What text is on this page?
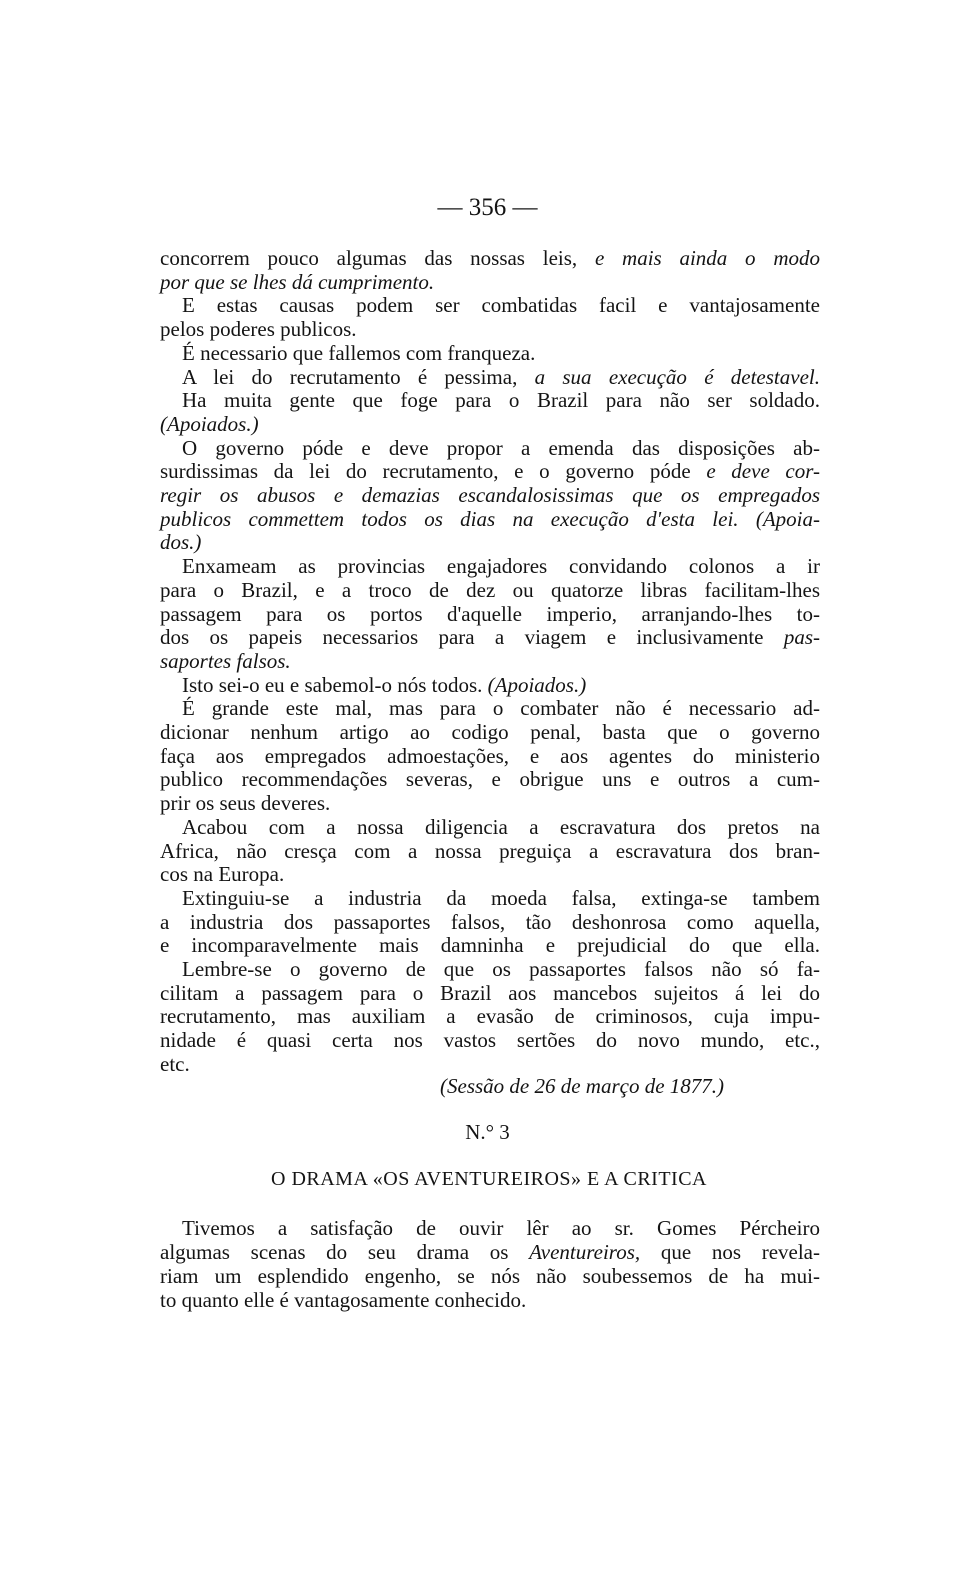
— 356 —
concorrem pouco algumas das nossas leis, e mais ainda o modo
por que se lhes dá cumprimento.
E estas causas podem ser combatidas facil e vantajosamente
pelos poderes publicos.
É necessario que fallemos com franqueza.
A lei do recrutamento é pessima, a sua execução é detestavel.
Ha muita gente que foge para o Brazil para não ser soldado.
(Apoiados.)
O governo póde e deve propor a emenda das disposições ab-
surdissimas da lei do recrutamento, e o governo póde e deve cor-
regir os abusos e demazias escandalosissimas que os empregados
publicos commettem todos os dias na execução d'esta lei. (Apoia-
dos.)
Enxameam as provincias engajadores convidando colonos a ir
para o Brazil, e a troco de dez ou quatorze libras facilitam-lhes
passagem para os portos d'aquelle imperio, arranjando-lhes to-
dos os papeis necessarios para a viagem e inclusivamente pas-
saportes falsos.
Isto sei-o eu e sabemol-o nós todos. (Apoiados.)
É grande este mal, mas para o combater não é necessario ad-
dicionar nenhum artigo ao codigo penal, basta que o governo
faça aos empregados admoestações, e aos agentes do ministerio
publico recommendações severas, e obrigue uns e outros a cum-
prir os seus deveres.
Acabou com a nossa diligencia a escravatura dos pretos na
Africa, não cresça com a nossa preguiça a escravatura dos bran-
cos na Europa.
Extinguiu-se a industria da moeda falsa, extinga-se tambem
a industria dos passaportes falsos, tão deshonrosa como aquella,
e incomparavelmente mais damninha e prejudicial do que ella.
Lembre-se o governo de que os passaportes falsos não só fa-
cilitam a passagem para o Brazil aos mancebos sujeitos á lei do
recrutamento, mas auxiliam a evasão de criminosos, cuja impu-
nidade é quasi certa nos vastos sertões do novo mundo, etc.,
etc.
(Sessão de 26 de março de 1877.)
N.° 3
O DRAMA «OS AVENTUREIROS» E A CRITICA
Tivemos a satisfação de ouvir lêr ao sr. Gomes Pércheiro
algumas scenas do seu drama os Aventureiros, que nos revela-
riam um esplendido engenho, se nós não soubessemos de ha mui-
to quanto elle é vantagosamente conhecido.
